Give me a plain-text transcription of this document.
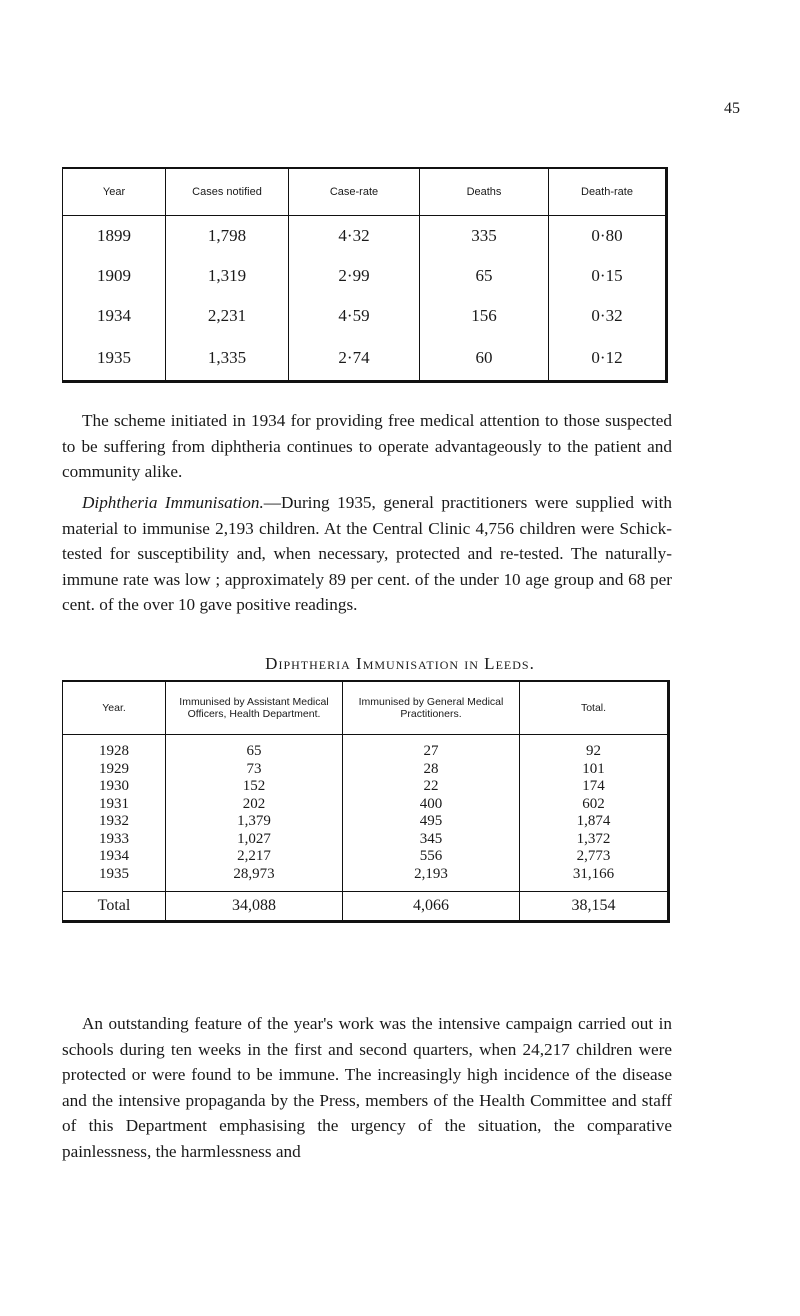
45
Year	Cases notified	Case-rate	Deaths	Death-rate
1899	1,798	4·32	335	0·80
1909	1,319	2·99	65	0·15
1934	2,231	4·59	156	0·32
1935	1,335	2·74	60	0·12

The scheme initiated in 1934 for providing free medical attention to those suspected to be suffering from diphtheria continues to operate advantageously to the patient and community alike.

Diphtheria Immunisation.—During 1935, general practitioners were supplied with material to immunise 2,193 children. At the Central Clinic 4,756 children were Schick-tested for susceptibility and, when necessary, protected and re-tested. The naturally-immune rate was low ; approximately 89 per cent. of the under 10 age group and 68 per cent. of the over 10 gave positive readings.

Diphtheria Immunisation in Leeds.
Year.	Immunised by Assistant Medical Officers, Health Department.	Immunised by General Medical Practitioners.	Total.
1928	65	27	92
1929	73	28	101
1930	152	22	174
1931	202	400	602
1932	1,379	495	1,874
1933	1,027	345	1,372
1934	2,217	556	2,773
1935	28,973	2,193	31,166
Total	34,088	4,066	38,154

An outstanding feature of the year's work was the intensive campaign carried out in schools during ten weeks in the first and second quarters, when 24,217 children were protected or were found to be immune. The increasingly high incidence of the disease and the intensive propaganda by the Press, members of the Health Committee and staff of this Department emphasising the urgency of the situation, the comparative painlessness, the harmlessness and
